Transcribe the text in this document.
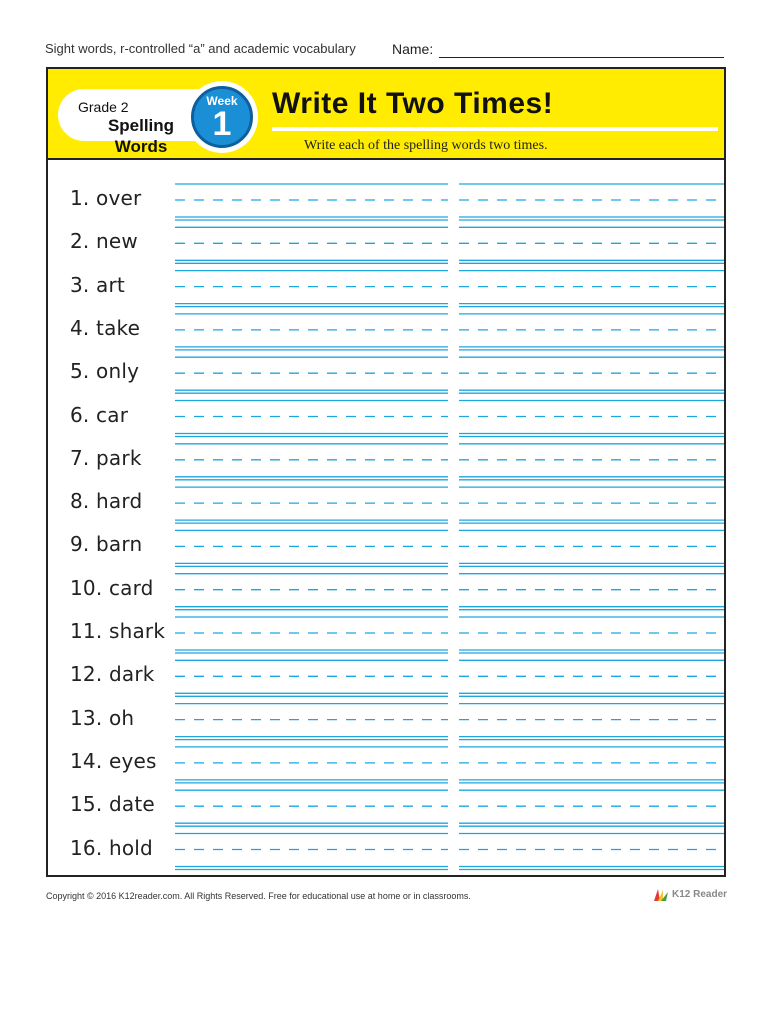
Sight words, r-controlled “a” and academic vocabulary	Name:
Grade 2
Spelling Words
Week
1
Write It Two Times!
Write each of the spelling words two times.
1. over
2. new
3. art
4. take
5. only
6. car
7. park
8. hard
9. barn
10. card
11. shark
12. dark
13. oh
14. eyes
15. date
16. hold
Copyright © 2016 K12reader.com. All Rights Reserved. Free for educational use at home or in classrooms.	K12 Reader
